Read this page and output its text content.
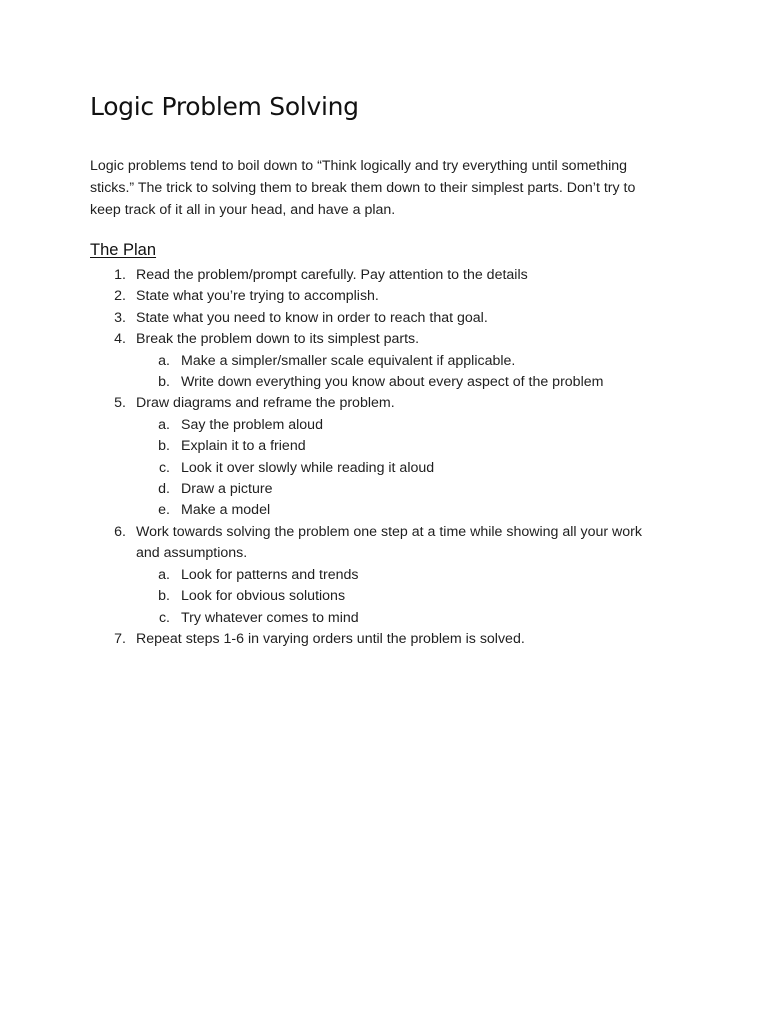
Logic Problem Solving

Logic problems tend to boil down to “Think logically and try everything until something
sticks.” The trick to solving them to break them down to their simplest parts. Don’t try to
keep track of it all in your head, and have a plan.

The Plan
1. Read the problem/prompt carefully. Pay attention to the details
2. State what you’re trying to accomplish.
3. State what you need to know in order to reach that goal.
4. Break the problem down to its simplest parts.
a. Make a simpler/smaller scale equivalent if applicable.
b. Write down everything you know about every aspect of the problem
5. Draw diagrams and reframe the problem.
a. Say the problem aloud
b. Explain it to a friend
c. Look it over slowly while reading it aloud
d. Draw a picture
e. Make a model
6. Work towards solving the problem one step at a time while showing all your work
and assumptions.
a. Look for patterns and trends
b. Look for obvious solutions
c. Try whatever comes to mind
7. Repeat steps 1-6 in varying orders until the problem is solved.
